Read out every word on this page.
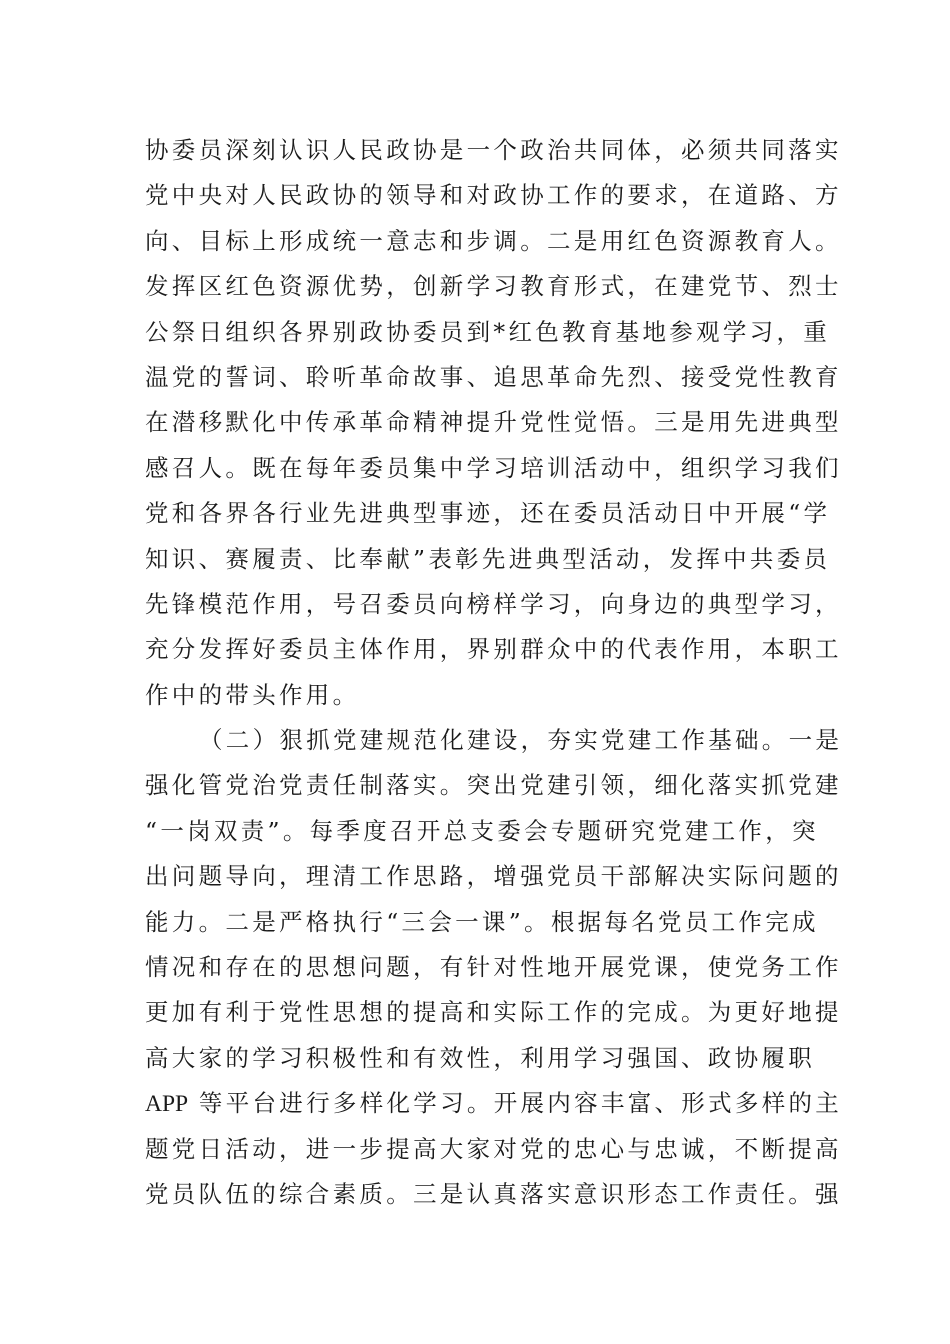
协委员深刻认识人民政协是一个政治共同体，必须共同落实
党中央对人民政协的领导和对政协工作的要求，在道路、方
向、目标上形成统一意志和步调。二是用红色资源教育人。
发挥区红色资源优势，创新学习教育形式，在建党节、烈士
公祭日组织各界别政协委员到*红色教育基地参观学习，重
温党的誓词、聆听革命故事、追思革命先烈、接受党性教育
在潜移默化中传承革命精神提升党性觉悟。三是用先进典型
感召人。既在每年委员集中学习培训活动中，组织学习我们
党和各界各行业先进典型事迹，还在委员活动日中开展“学
知识、赛履责、比奉献”表彰先进典型活动，发挥中共委员
先锋模范作用，号召委员向榜样学习，向身边的典型学习，
充分发挥好委员主体作用，界别群众中的代表作用，本职工
作中的带头作用。
（二）狠抓党建规范化建设，夯实党建工作基础。一是
强化管党治党责任制落实。突出党建引领，细化落实抓党建
“一岗双责”。每季度召开总支委会专题研究党建工作，突
出问题导向，理清工作思路，增强党员干部解决实际问题的
能力。二是严格执行“三会一课”。根据每名党员工作完成
情况和存在的思想问题，有针对性地开展党课，使党务工作
更加有利于党性思想的提高和实际工作的完成。为更好地提
高大家的学习积极性和有效性，利用学习强国、政协履职
APP 等平台进行多样化学习。开展内容丰富、形式多样的主
题党日活动，进一步提高大家对党的忠心与忠诚，不断提高
党员队伍的综合素质。三是认真落实意识形态工作责任。强
